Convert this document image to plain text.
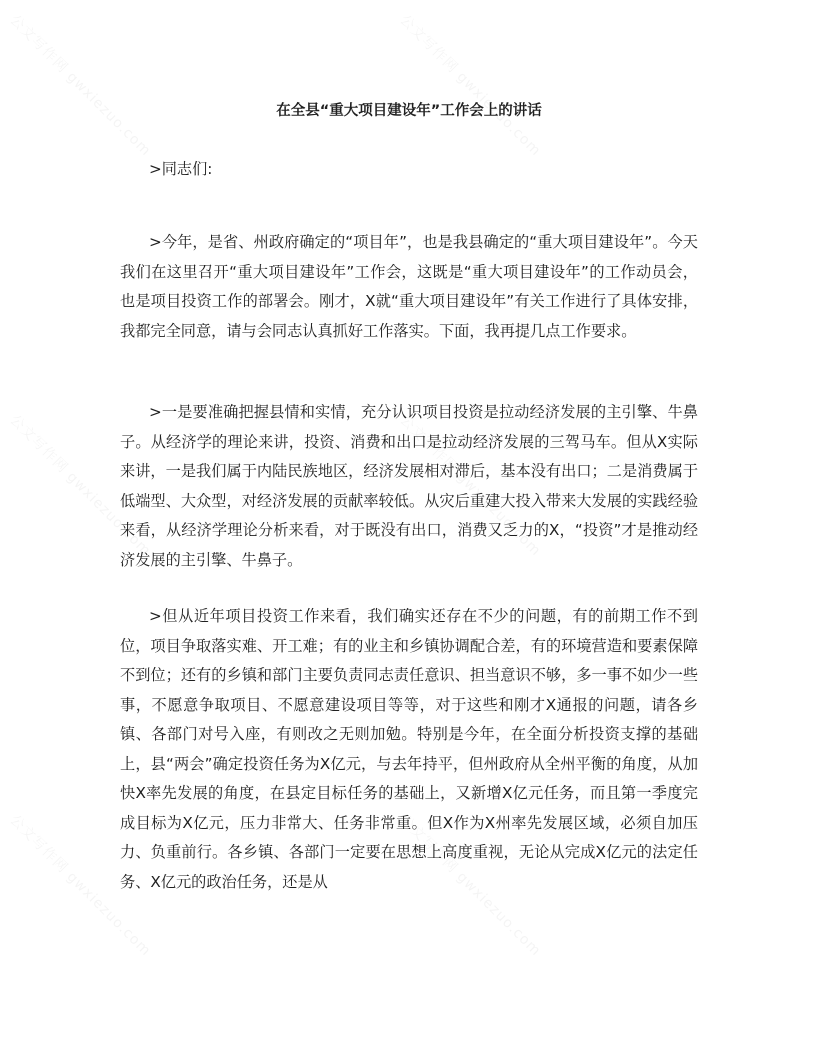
在全县“重大项目建设年”工作会上的讲话
>同志们:
>今年，是省、州政府确定的“项目年”，也是我县确定的“重大项目建设年”。今天我们在这里召开“重大项目建设年”工作会，这既是“重大项目建设年”的工作动员会，也是项目投资工作的部署会。刚才，X就“重大项目建设年”有关工作进行了具体安排，我都完全同意，请与会同志认真抓好工作落实。下面，我再提几点工作要求。
>一是要准确把握县情和实情，充分认识项目投资是拉动经济发展的主引擎、牛鼻子。从经济学的理论来讲，投资、消费和出口是拉动经济发展的三驾马车。但从X实际来讲，一是我们属于内陆民族地区，经济发展相对滞后，基本没有出口；二是消费属于低端型、大众型，对经济发展的贡献率较低。从灾后重建大投入带来大发展的实践经验来看，从经济学理论分析来看，对于既没有出口，消费又乏力的X，“投资”才是推动经济发展的主引擎、牛鼻子。
>但从近年项目投资工作来看，我们确实还存在不少的问题，有的前期工作不到位，项目争取落实难、开工难；有的业主和乡镇协调配合差，有的环境营造和要素保障不到位；还有的乡镇和部门主要负责同志责任意识、担当意识不够，多一事不如少一些事，不愿意争取项目、不愿意建设项目等等，对于这些和刚才X通报的问题，请各乡镇、各部门对号入座，有则改之无则加勉。特别是今年，在全面分析投资支撑的基础上，县“两会”确定投资任务为X亿元，与去年持平，但州政府从全州平衡的角度，从加快X率先发展的角度，在县定目标任务的基础上，又新增X亿元任务，而且第一季度完成目标为X亿元，压力非常大、任务非常重。但X作为X州率先发展区域，必须自加压力、负重前行。各乡镇、各部门一定要在思想上高度重视，无论从完成X亿元的法定任务、X亿元的政治任务，还是从
